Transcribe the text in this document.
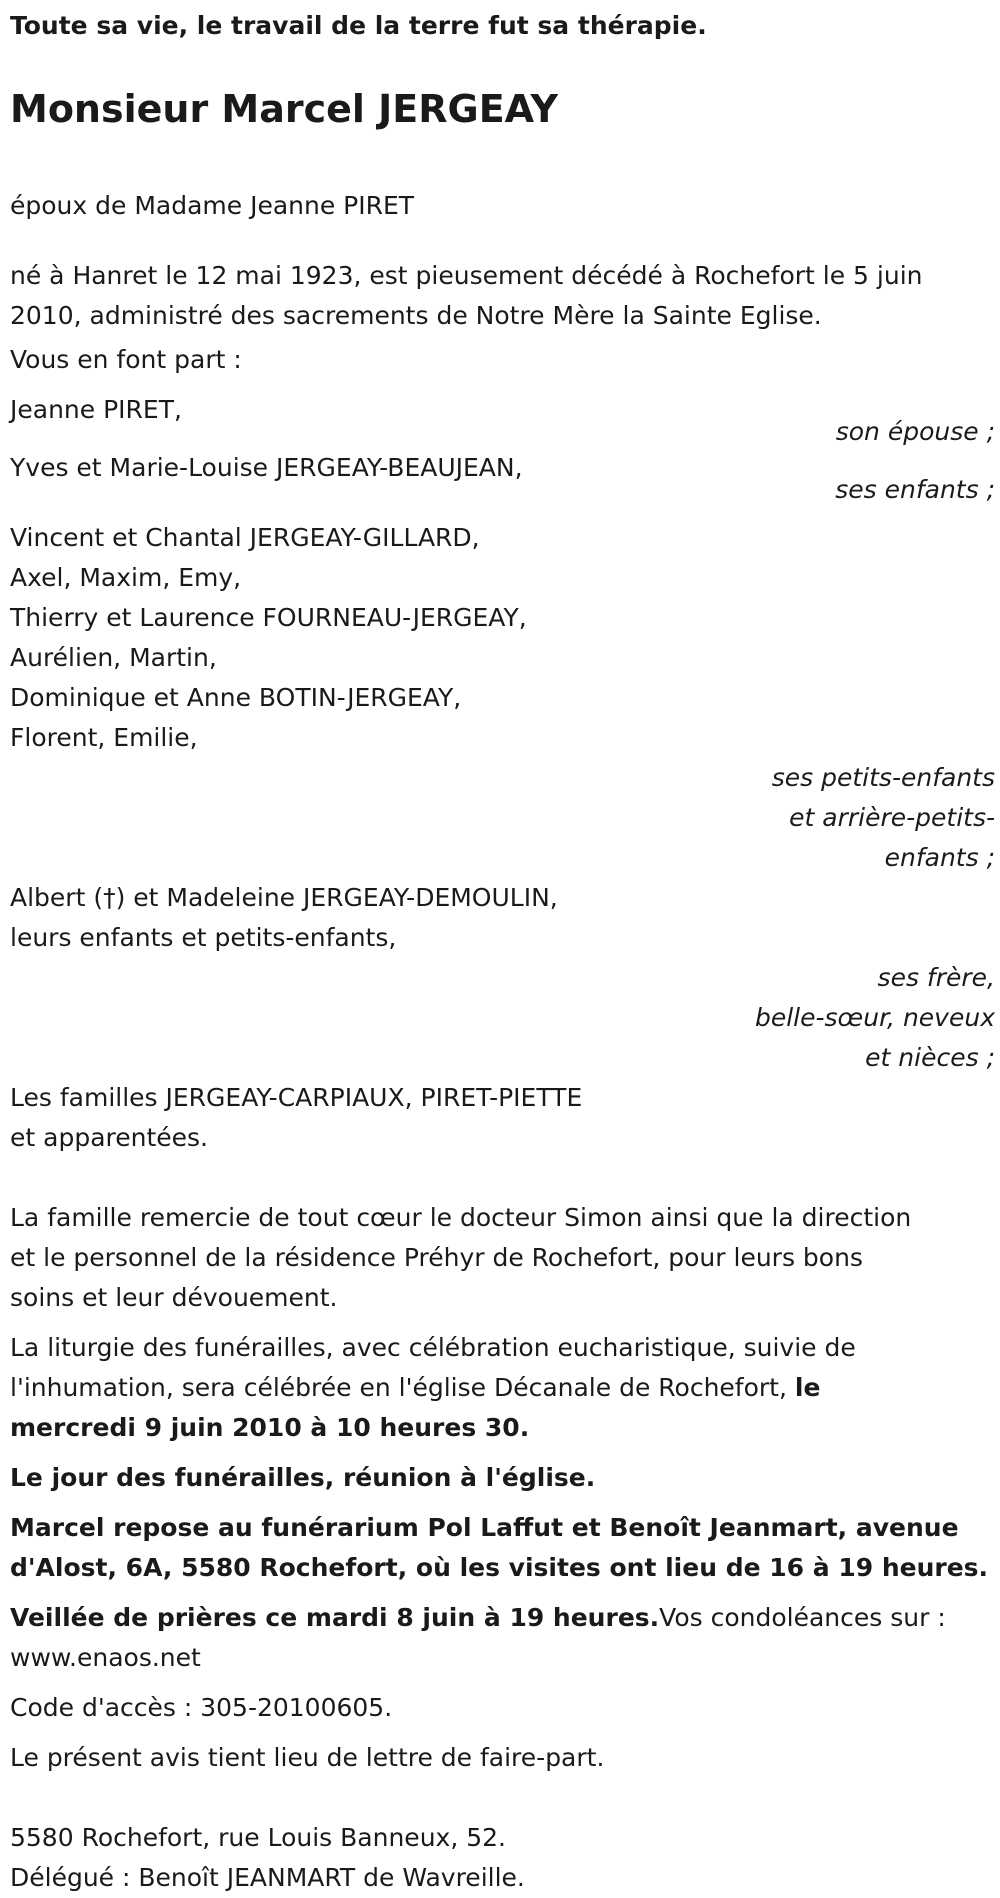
Toute sa vie, le travail de la terre fut sa thérapie.

Monsieur Marcel JERGEAY

époux de Madame Jeanne PIRET

né à Hanret le 12 mai 1923, est pieusement décédé à Rochefort le 5 juin

2010, administré des sacrements de Notre Mère la Sainte Eglise.

Vous en font part :

Jeanne PIRET,

son épouse ;

Yves et Marie-Louise JERGEAY-BEAUJEAN,

ses enfants ;

Vincent et Chantal JERGEAY-GILLARD,

Axel, Maxim, Emy,

Thierry et Laurence FOURNEAU-JERGEAY,

Aurélien, Martin,

Dominique et Anne BOTIN-JERGEAY,

Florent, Emilie,

ses petits-enfants

et arrière-petits-

enfants ;

Albert (†) et Madeleine JERGEAY-DEMOULIN,

leurs enfants et petits-enfants,

ses frère,

belle-sœur, neveux

et nièces ;

Les familles JERGEAY-CARPIAUX, PIRET-PIETTE

et apparentées.

La famille remercie de tout cœur le docteur Simon ainsi que la direction

et le personnel de la résidence Préhyr de Rochefort, pour leurs bons

soins et leur dévouement.

La liturgie des funérailles, avec célébration eucharistique, suivie de

l'inhumation, sera célébrée en l'église Décanale de Rochefort, le

mercredi 9 juin 2010 à 10 heures 30.

Le jour des funérailles, réunion à l'église.

Marcel repose au funérarium Pol Laffut et Benoît Jeanmart, avenue

d'Alost, 6A, 5580 Rochefort, où les visites ont lieu de 16 à 19 heures.

Veillée de prières ce mardi 8 juin à 19 heures.Vos condoléances sur :

www.enaos.net

Code d'accès : 305-20100605.

Le présent avis tient lieu de lettre de faire-part.

5580 Rochefort, rue Louis Banneux, 52.

Délégué : Benoît JEANMART de Wavreille.
